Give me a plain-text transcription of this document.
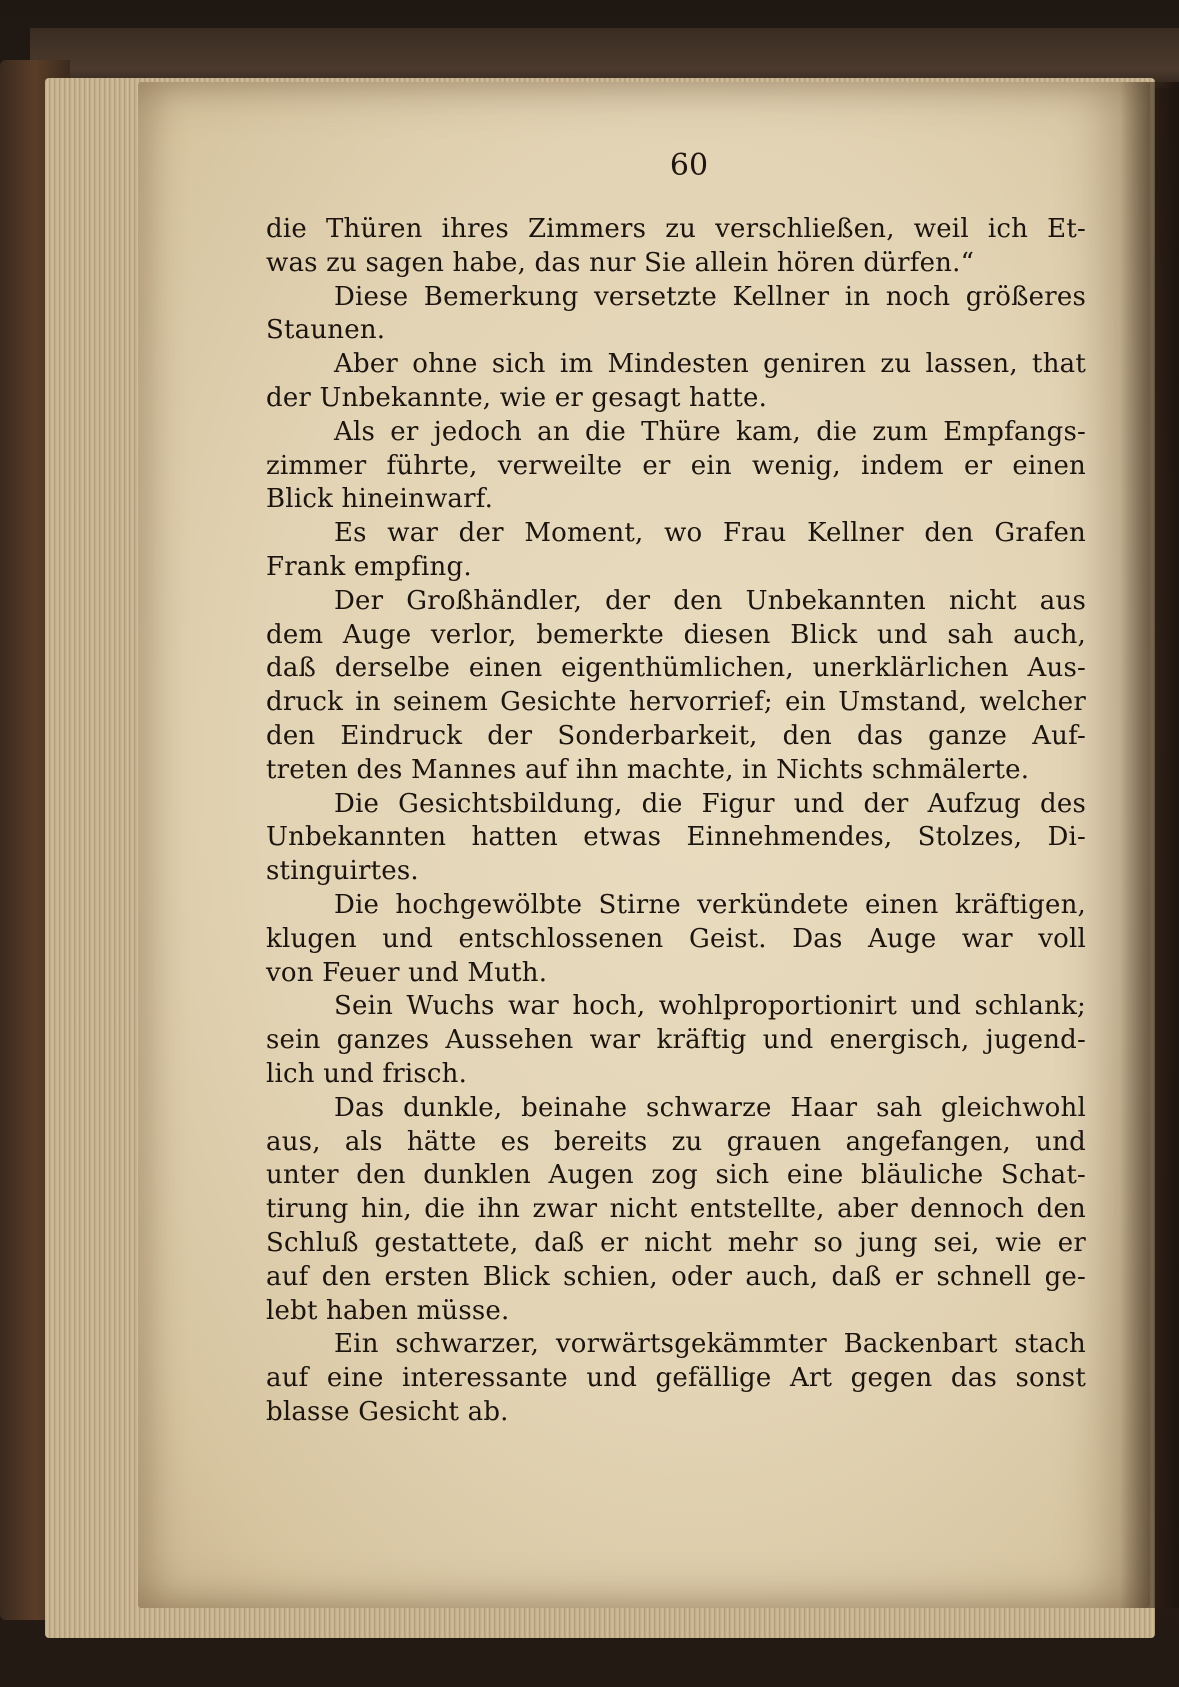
60
die Thüren ihres Zimmers zu verschließen, weil ich Et-
was zu sagen habe, das nur Sie allein hören dürfen.“
Diese Bemerkung versetzte Kellner in noch größeres
Staunen.
Aber ohne sich im Mindesten geniren zu lassen, that
der Unbekannte, wie er gesagt hatte.
Als er jedoch an die Thüre kam, die zum Empfangs-
zimmer führte, verweilte er ein wenig, indem er einen
Blick hineinwarf.
Es war der Moment, wo Frau Kellner den Grafen
Frank empfing.
Der Großhändler, der den Unbekannten nicht aus
dem Auge verlor, bemerkte diesen Blick und sah auch,
daß derselbe einen eigenthümlichen, unerklärlichen Aus-
druck in seinem Gesichte hervorrief; ein Umstand, welcher
den Eindruck der Sonderbarkeit, den das ganze Auf-
treten des Mannes auf ihn machte, in Nichts schmälerte.
Die Gesichtsbildung, die Figur und der Aufzug des
Unbekannten hatten etwas Einnehmendes, Stolzes, Di-
stinguirtes.
Die hochgewölbte Stirne verkündete einen kräftigen,
klugen und entschlossenen Geist. Das Auge war voll
von Feuer und Muth.
Sein Wuchs war hoch, wohlproportionirt und schlank;
sein ganzes Aussehen war kräftig und energisch, jugend-
lich und frisch.
Das dunkle, beinahe schwarze Haar sah gleichwohl
aus, als hätte es bereits zu grauen angefangen, und
unter den dunklen Augen zog sich eine bläuliche Schat-
tirung hin, die ihn zwar nicht entstellte, aber dennoch den
Schluß gestattete, daß er nicht mehr so jung sei, wie er
auf den ersten Blick schien, oder auch, daß er schnell ge-
lebt haben müsse.
Ein schwarzer, vorwärtsgekämmter Backenbart stach
auf eine interessante und gefällige Art gegen das sonst
blasse Gesicht ab.
